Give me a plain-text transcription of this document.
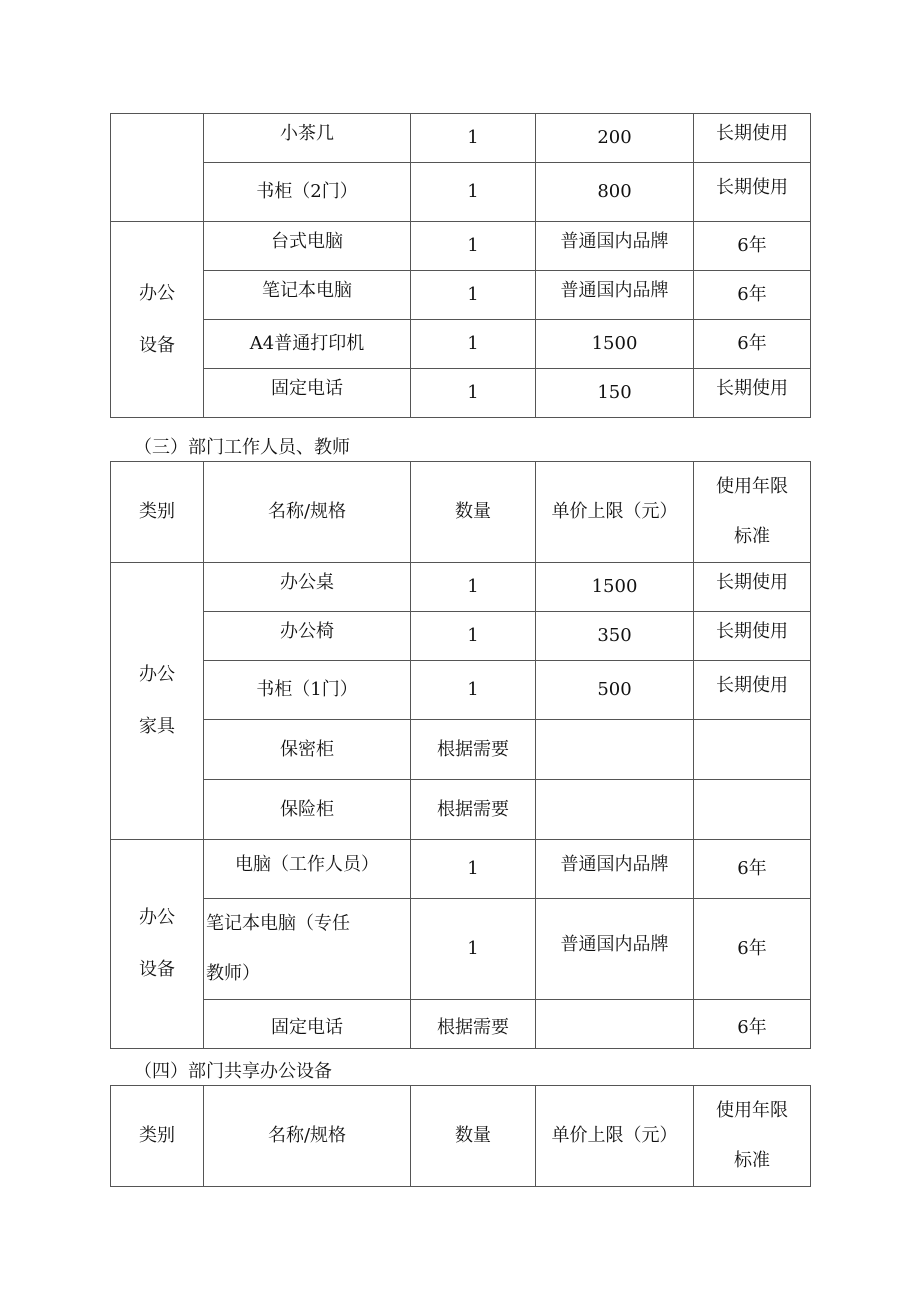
	小茶几	1	200	长期使用
	书柜（2门）	1	800	长期使用

办公
设备	台式电脑	1	普通国内品牌	6年
	笔记本电脑	1	普通国内品牌	6年
	A4普通打印机	1	1500	6年
	固定电话	1	150	长期使用
（三）部门工作人员、教师
类别	名称/规格	数量	单价上限（元）	使用年限
标准

办公
家具	办公桌	1	1500	长期使用
	办公椅	1	350	长期使用
	书柜（1门）	1	500	长期使用
	保密柜	根据需要		
	保险柜	根据需要		

办公
设备	电脑（工作人员）	1	普通国内品牌	6年

	笔记本电脑（专任
教师）	1	普通国内品牌	6年
	固定电话	根据需要		6年
（四）部门共享办公设备
类别	名称/规格	数量	单价上限（元）	
使用年限
标准
